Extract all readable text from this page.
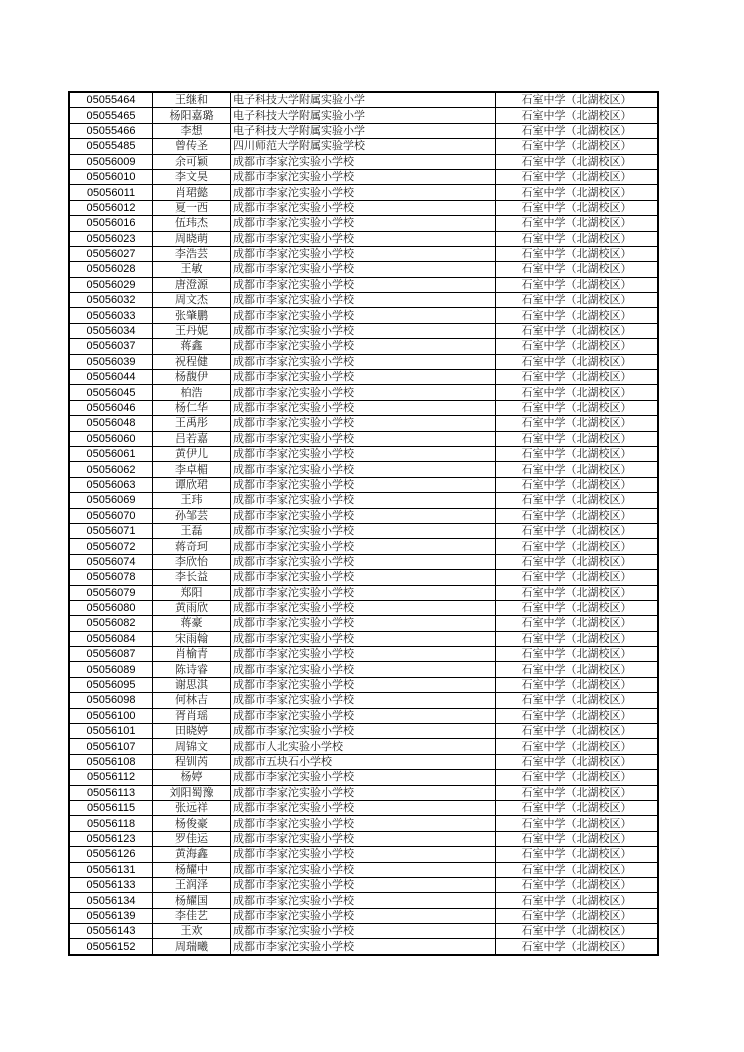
05055464	王继和	电子科技大学附属实验小学	石室中学（北湖校区）
05055465	杨阳嘉璐	电子科技大学附属实验小学	石室中学（北湖校区）
05055466	李想	电子科技大学附属实验小学	石室中学（北湖校区）
05055485	曾传圣	四川师范大学附属实验学校	石室中学（北湖校区）
05056009	余可颖	成都市李家沱实验小学校	石室中学（北湖校区）
05056010	李文昊	成都市李家沱实验小学校	石室中学（北湖校区）
05056011	肖珺懿	成都市李家沱实验小学校	石室中学（北湖校区）
05056012	夏一西	成都市李家沱实验小学校	石室中学（北湖校区）
05056016	伍玮杰	成都市李家沱实验小学校	石室中学（北湖校区）
05056023	周晓萌	成都市李家沱实验小学校	石室中学（北湖校区）
05056027	李浩芸	成都市李家沱实验小学校	石室中学（北湖校区）
05056028	王敏	成都市李家沱实验小学校	石室中学（北湖校区）
05056029	唐澄源	成都市李家沱实验小学校	石室中学（北湖校区）
05056032	周文杰	成都市李家沱实验小学校	石室中学（北湖校区）
05056033	张肇鹏	成都市李家沱实验小学校	石室中学（北湖校区）
05056034	王丹妮	成都市李家沱实验小学校	石室中学（北湖校区）
05056037	蒋鑫	成都市李家沱实验小学校	石室中学（北湖校区）
05056039	祝程健	成都市李家沱实验小学校	石室中学（北湖校区）
05056044	杨馥伊	成都市李家沱实验小学校	石室中学（北湖校区）
05056045	柏浩	成都市李家沱实验小学校	石室中学（北湖校区）
05056046	杨仁华	成都市李家沱实验小学校	石室中学（北湖校区）
05056048	王禹彤	成都市李家沱实验小学校	石室中学（北湖校区）
05056060	吕若嘉	成都市李家沱实验小学校	石室中学（北湖校区）
05056061	黄伊儿	成都市李家沱实验小学校	石室中学（北湖校区）
05056062	李卓楣	成都市李家沱实验小学校	石室中学（北湖校区）
05056063	谭欣珺	成都市李家沱实验小学校	石室中学（北湖校区）
05056069	王玮	成都市李家沱实验小学校	石室中学（北湖校区）
05056070	孙邹芸	成都市李家沱实验小学校	石室中学（北湖校区）
05056071	王磊	成都市李家沱实验小学校	石室中学（北湖校区）
05056072	蒋奇珂	成都市李家沱实验小学校	石室中学（北湖校区）
05056074	李欣怡	成都市李家沱实验小学校	石室中学（北湖校区）
05056078	李长益	成都市李家沱实验小学校	石室中学（北湖校区）
05056079	郑阳	成都市李家沱实验小学校	石室中学（北湖校区）
05056080	黄雨欣	成都市李家沱实验小学校	石室中学（北湖校区）
05056082	蒋豪	成都市李家沱实验小学校	石室中学（北湖校区）
05056084	宋雨翰	成都市李家沱实验小学校	石室中学（北湖校区）
05056087	肖榆青	成都市李家沱实验小学校	石室中学（北湖校区）
05056089	陈诗睿	成都市李家沱实验小学校	石室中学（北湖校区）
05056095	谢思淇	成都市李家沱实验小学校	石室中学（北湖校区）
05056098	何林吉	成都市李家沱实验小学校	石室中学（北湖校区）
05056100	胥肖瑶	成都市李家沱实验小学校	石室中学（北湖校区）
05056101	田晓婷	成都市李家沱实验小学校	石室中学（北湖校区）
05056107	周锦文	成都市人北实验小学校	石室中学（北湖校区）
05056108	程钏芮	成都市五块石小学校	石室中学（北湖校区）
05056112	杨婷	成都市李家沱实验小学校	石室中学（北湖校区）
05056113	刘阳蜀豫	成都市李家沱实验小学校	石室中学（北湖校区）
05056115	张远祥	成都市李家沱实验小学校	石室中学（北湖校区）
05056118	杨俊豪	成都市李家沱实验小学校	石室中学（北湖校区）
05056123	罗佳运	成都市李家沱实验小学校	石室中学（北湖校区）
05056126	黄海鑫	成都市李家沱实验小学校	石室中学（北湖校区）
05056131	杨耀中	成都市李家沱实验小学校	石室中学（北湖校区）
05056133	王润泽	成都市李家沱实验小学校	石室中学（北湖校区）
05056134	杨耀国	成都市李家沱实验小学校	石室中学（北湖校区）
05056139	李佳艺	成都市李家沱实验小学校	石室中学（北湖校区）
05056143	王欢	成都市李家沱实验小学校	石室中学（北湖校区）
05056152	周瑞曦	成都市李家沱实验小学校	石室中学（北湖校区）
